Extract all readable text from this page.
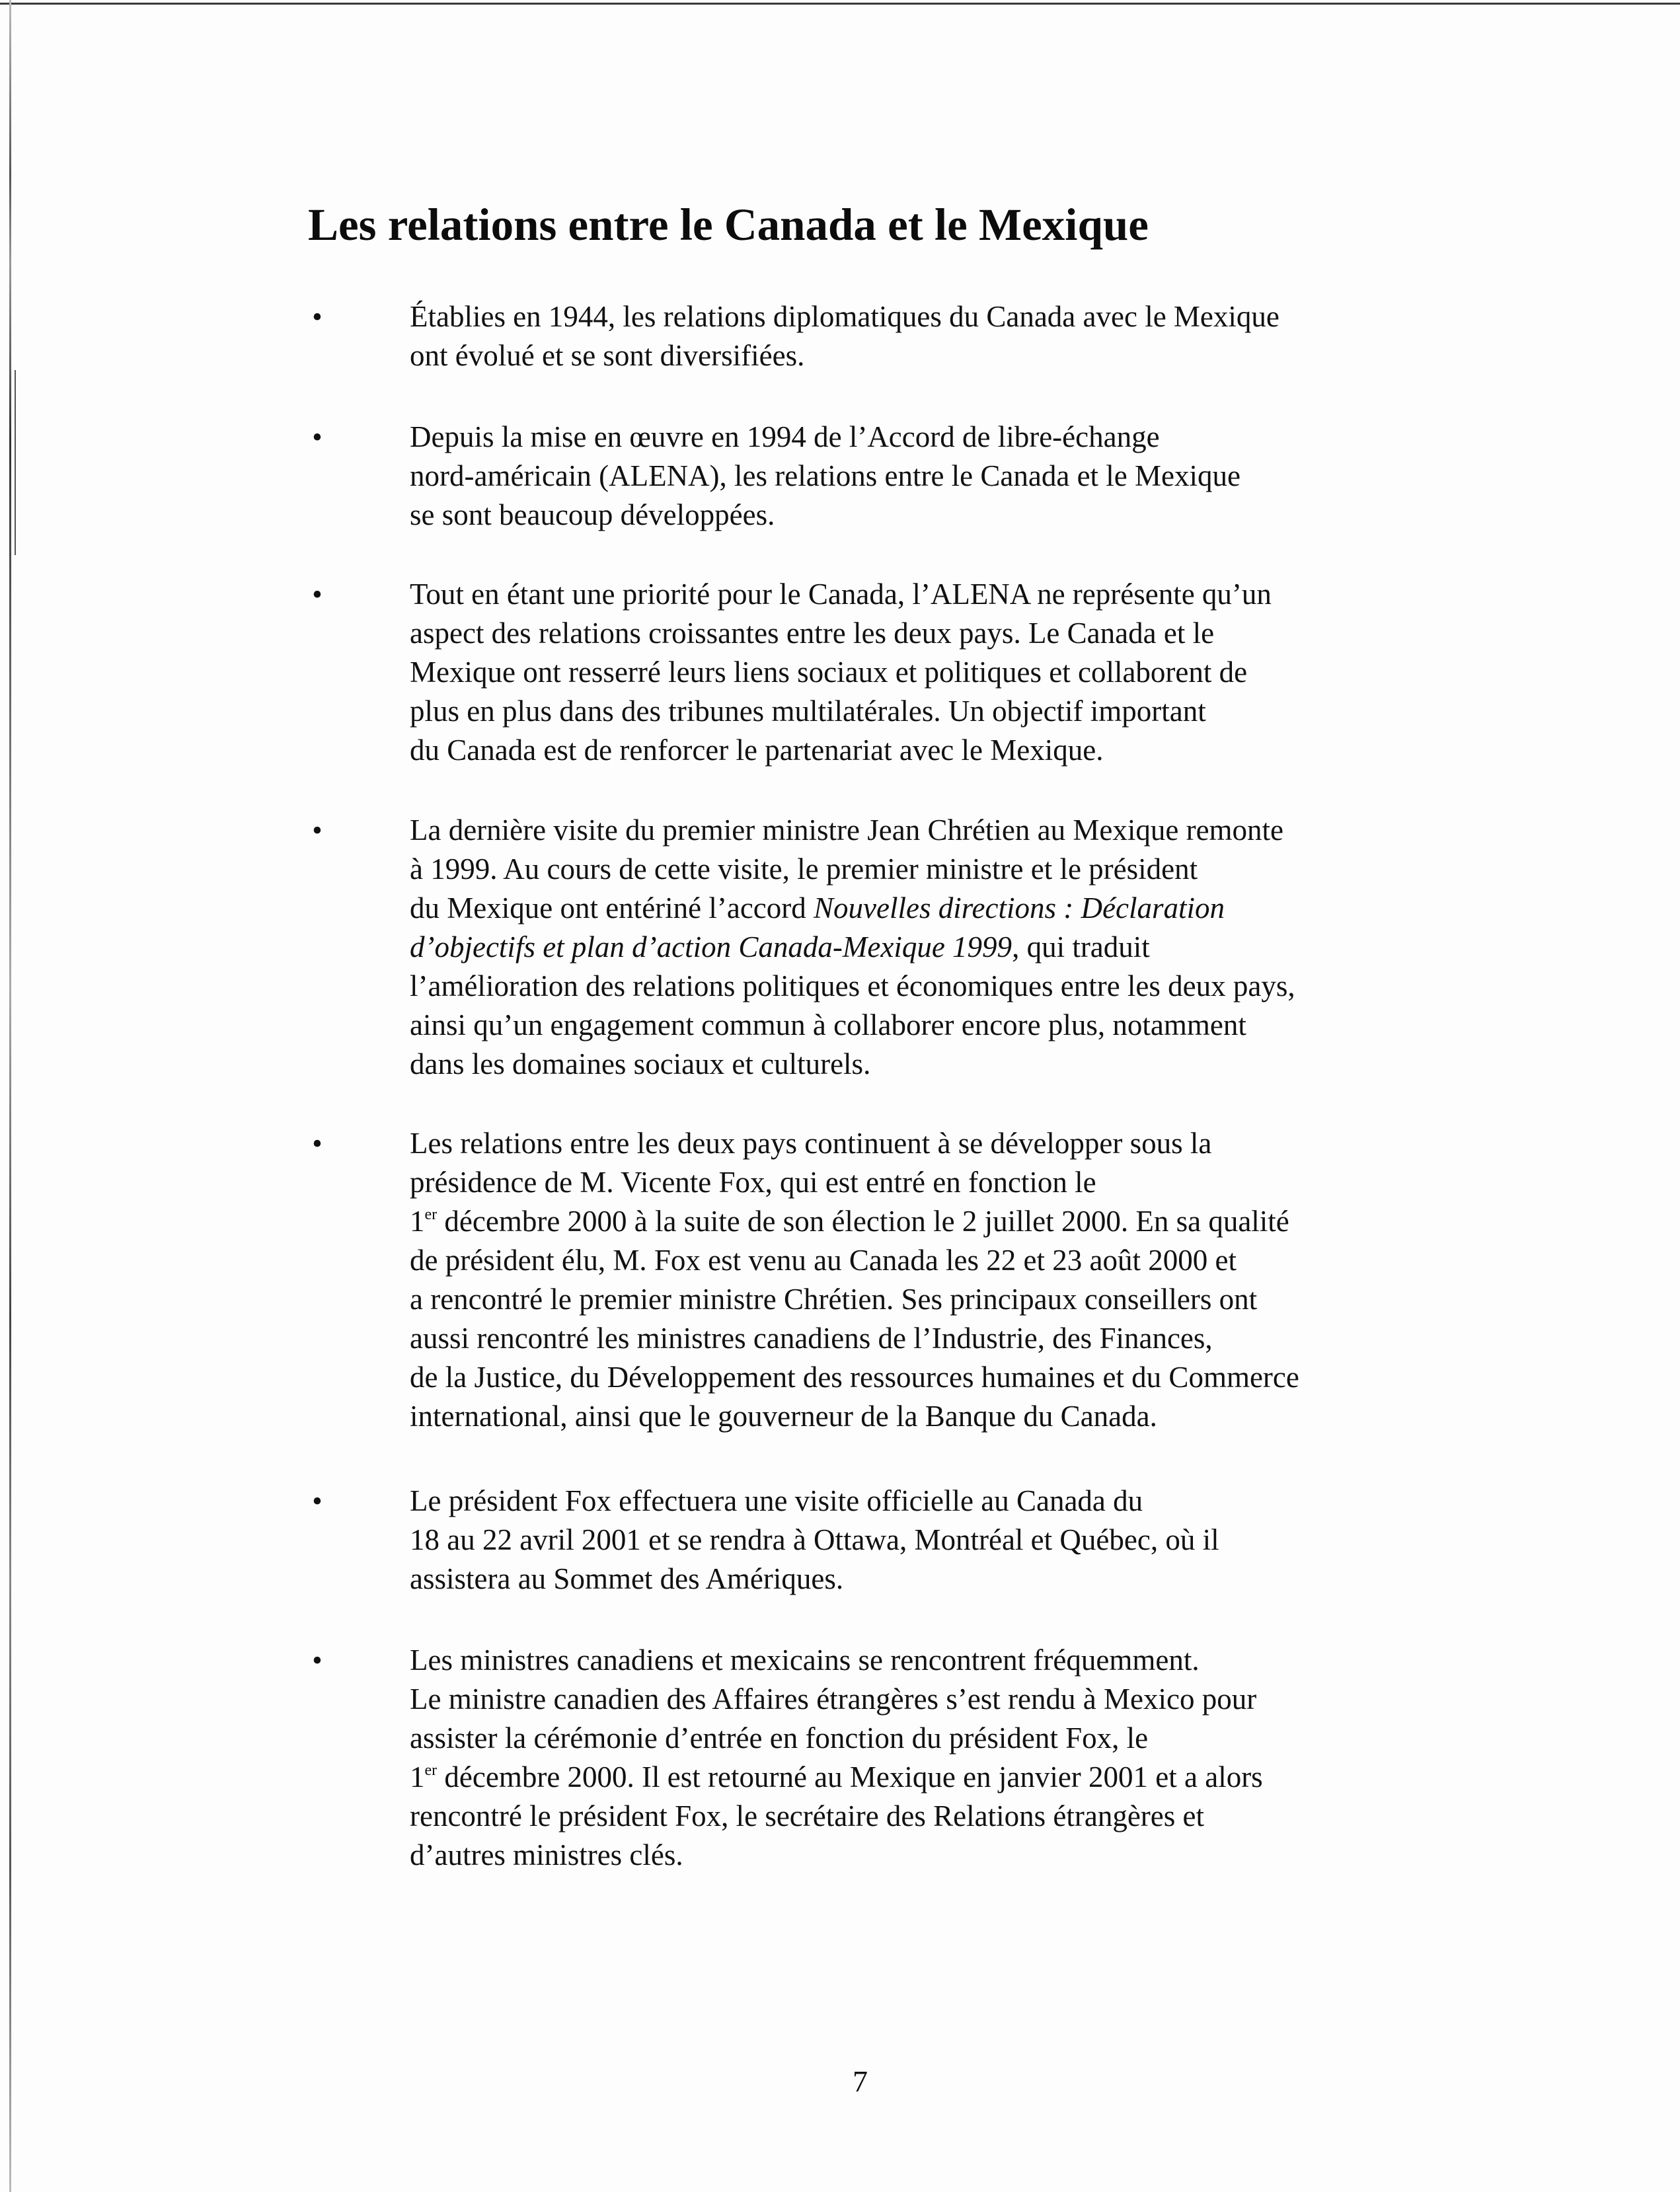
Les relations entre le Canada et le Mexique
•	Établies en 1944, les relations diplomatiques du Canada avec le Mexique
ont évolué et se sont diversifiées.
•	Depuis la mise en œuvre en 1994 de l’Accord de libre-échange
nord-américain (ALENA), les relations entre le Canada et le Mexique
se sont beaucoup développées.
•	Tout en étant une priorité pour le Canada, l’ALENA ne représente qu’un
aspect des relations croissantes entre les deux pays. Le Canada et le
Mexique ont resserré leurs liens sociaux et politiques et collaborent de
plus en plus dans des tribunes multilatérales. Un objectif important
du Canada est de renforcer le partenariat avec le Mexique.
•	La dernière visite du premier ministre Jean Chrétien au Mexique remonte
à 1999. Au cours de cette visite, le premier ministre et le président
du Mexique ont entériné l’accord Nouvelles directions : Déclaration
d’objectifs et plan d’action Canada-Mexique 1999, qui traduit
l’amélioration des relations politiques et économiques entre les deux pays,
ainsi qu’un engagement commun à collaborer encore plus, notamment
dans les domaines sociaux et culturels.
•	Les relations entre les deux pays continuent à se développer sous la
présidence de M. Vicente Fox, qui est entré en fonction le
1er décembre 2000 à la suite de son élection le 2 juillet 2000. En sa qualité
de président élu, M. Fox est venu au Canada les 22 et 23 août 2000 et
a rencontré le premier ministre Chrétien. Ses principaux conseillers ont
aussi rencontré les ministres canadiens de l’Industrie, des Finances,
de la Justice, du Développement des ressources humaines et du Commerce
international, ainsi que le gouverneur de la Banque du Canada.
•	Le président Fox effectuera une visite officielle au Canada du
18 au 22 avril 2001 et se rendra à Ottawa, Montréal et Québec, où il
assistera au Sommet des Amériques.
•	Les ministres canadiens et mexicains se rencontrent fréquemment.
Le ministre canadien des Affaires étrangères s’est rendu à Mexico pour
assister la cérémonie d’entrée en fonction du président Fox, le
1er décembre 2000. Il est retourné au Mexique en janvier 2001 et a alors
rencontré le président Fox, le secrétaire des Relations étrangères et
d’autres ministres clés.

7
